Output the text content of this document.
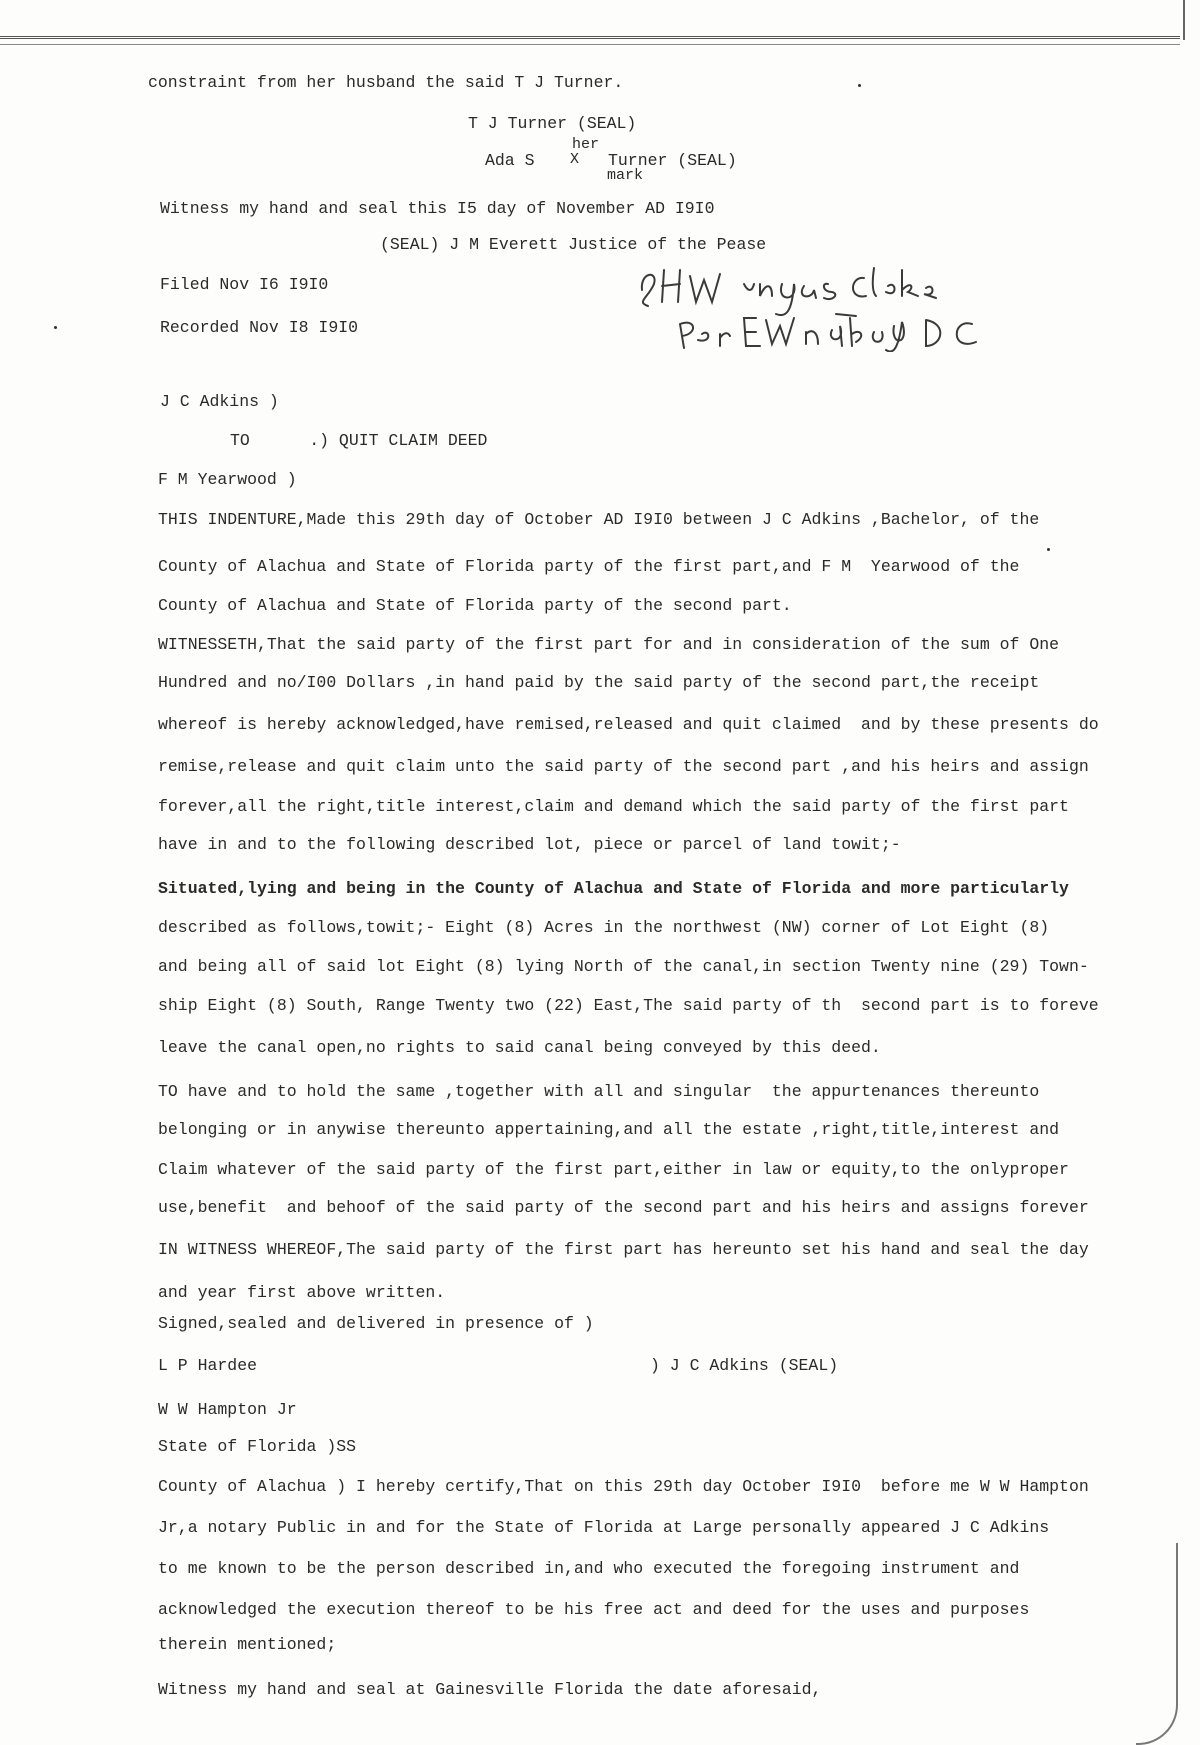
constraint from her husband the said T J Turner.
T J Turner (SEAL)
Ada S
her
X Turner (SEAL)
mark
Witness my hand and seal this I5 day of November AD I9I0
(SEAL) J M Everett Justice of the Pease
Filed Nov I6 I9I0
Recorded Nov I8 I9I0
J C Adkins )
TO      .) QUIT CLAIM DEED
F M Yearwood )
THIS INDENTURE,Made this 29th day of October AD I9I0 between J C Adkins ,Bachelor, of the
County of Alachua and State of Florida party of the first part,and F M  Yearwood of the
County of Alachua and State of Florida party of the second part.
WITNESSETH,That the said party of the first part for and in consideration of the sum of One
Hundred and no/I00 Dollars ,in hand paid by the said party of the second part,the receipt
whereof is hereby acknowledged,have remised,released and quit claimed  and by these presents do
remise,release and quit claim unto the said party of the second part ,and his heirs and assign
forever,all the right,title interest,claim and demand which the said party of the first part
have in and to the following described lot, piece or parcel of land towit;-
Situated,lying and being in the County of Alachua and State of Florida and more particularly
described as follows,towit;- Eight (8) Acres in the northwest (NW) corner of Lot Eight (8)
and being all of said lot Eight (8) lying North of the canal,in section Twenty nine (29) Town-
ship Eight (8) South, Range Twenty two (22) East,The said party of th  second part is to foreve
leave the canal open,no rights to said canal being conveyed by this deed.
TO have and to hold the same ,together with all and singular  the appurtenances thereunto
belonging or in anywise thereunto appertaining,and all the estate ,right,title,interest and
Claim whatever of the said party of the first part,either in law or equity,to the onlyproper
use,benefit  and behoof of the said party of the second part and his heirs and assigns forever
IN WITNESS WHEREOF,The said party of the first part has hereunto set his hand and seal the day
and year first above written.
Signed,sealed and delivered in presence of )
L P Hardee	) J C Adkins (SEAL)
W W Hampton Jr
State of Florida )SS
County of Alachua ) I hereby certify,That on this 29th day October I9I0  before me W W Hampton
Jr,a notary Public in and for the State of Florida at Large personally appeared J C Adkins
to me known to be the person described in,and who executed the foregoing instrument and
acknowledged the execution thereof to be his free act and deed for the uses and purposes
therein mentioned;
Witness my hand and seal at Gainesville Florida the date aforesaid,
